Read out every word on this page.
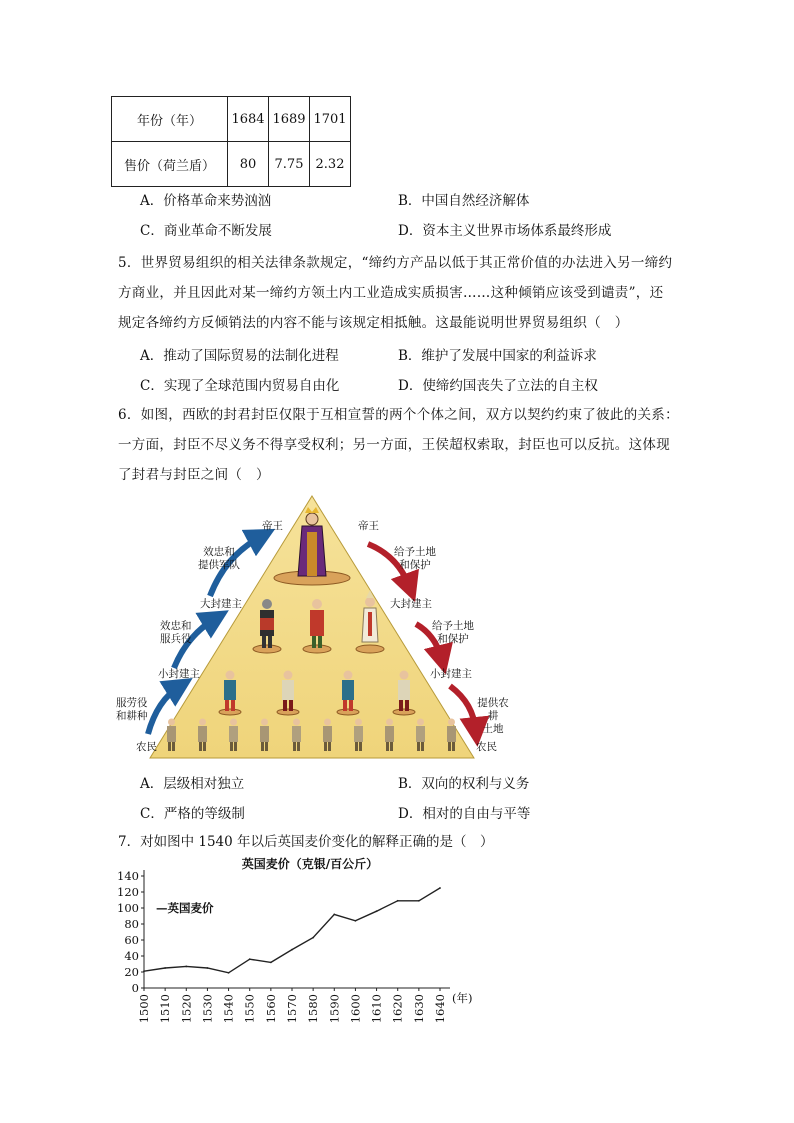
年份（年）	1684	1689	1701
售价（荷兰盾）	80	7.75	2.32
A．价格革命来势汹汹	B．中国自然经济解体
C．商业革命不断发展	D．资本主义世界市场体系最终形成
5．世界贸易组织的相关法律条款规定，“缔约方产品以低于其正常价值的办法进入另一缔约
方商业，并且因此对某一缔约方领土内工业造成实质损害……这种倾销应该受到谴责”，还
规定各缔约方反倾销法的内容不能与该规定相抵触。这最能说明世界贸易组织（　）
A．推动了国际贸易的法制化进程	B．维护了发展中国家的利益诉求
C．实现了全球范围内贸易自由化	D．使缔约国丧失了立法的自主权
6．如图，西欧的封君封臣仅限于互相宣誓的两个个体之间，双方以契约约束了彼此的关系：
一方面，封臣不尽义务不得享受权利；另一方面，王侯超权索取，封臣也可以反抗。这体现
了封君与封臣之间（　）
帝王	帝王
大封建主	大封建主
小封建主	小封建主
农民	农民
效忠和
提供军队
效忠和
服兵役
服劳役
和耕种
给予土地
和保护
给予土地
和保护
提供农耕
土地
A．层级相对独立	B．双向的权利与义务
C．严格的等级制	D．相对的自由与平等
7．对如图中 1540 年以后英国麦价变化的解释正确的是（　）
0
20
40
60
80
100
120
140
1500 1510 1520 1530 1540 1550 1560 1570 1580 1590 1600 1610 1620 1630 1640 (年)
英国麦价（克银/百公斤）
—英国麦价
